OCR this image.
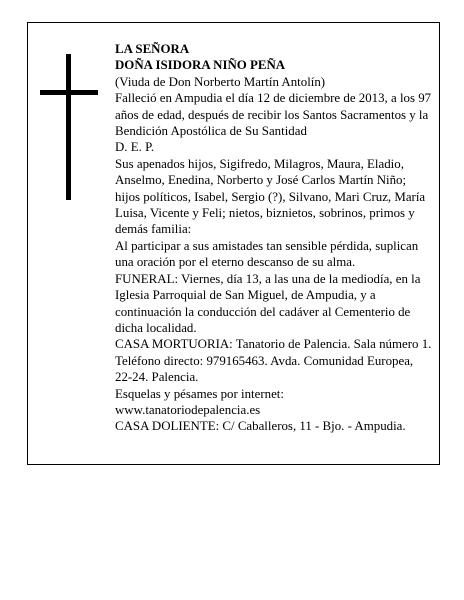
LA SEÑORA

DOÑA ISIDORA NIÑO PEÑA

(Viuda de Don Norberto Martín Antolín)

Falleció en Ampudia el día 12 de diciembre de 2013, a los 97 años de edad, después de recibir los Santos Sacramentos y la Bendición Apostólica de Su Santidad

D. E. P.

Sus apenados hijos, Sigifredo, Milagros, Maura, Eladio, Anselmo, Enedina, Norberto y José Carlos Martín Niño; hijos políticos, Isabel, Sergio (?), Silvano, Mari Cruz, María Luisa, Vicente y Feli; nietos, biznietos, sobrinos, primos y demás familia:

Al participar a sus amistades tan sensible pérdida, suplican una oración por el eterno descanso de su alma.

FUNERAL: Viernes, día 13, a las una de la mediodía, en la Iglesia Parroquial de San Miguel, de Ampudia, y a continuación la conducción del cadáver al Cementerio de dicha localidad.

CASA MORTUORIA: Tanatorio de Palencia. Sala número 1. Teléfono directo: 979165463. Avda. Comunidad Europea, 22-24. Palencia.

Esquelas y pésames por internet:

www.tanatoriodepalencia.es

CASA DOLIENTE: C/ Caballeros, 11 - Bjo. - Ampudia.
